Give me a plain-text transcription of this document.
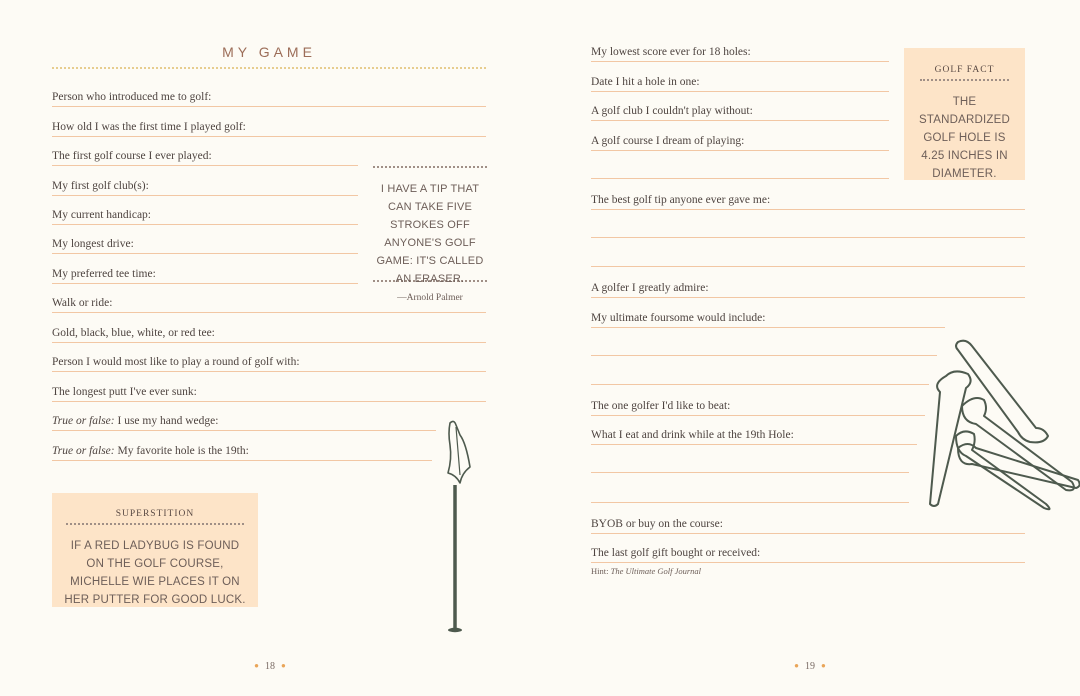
MY GAME
Person who introduced me to golf:
How old I was the first time I played golf:
The first golf course I ever played:
My first golf club(s):
My current handicap:
My longest drive:
My preferred tee time:
Walk or ride:
Gold, black, blue, white, or red tee:
Person I would most like to play a round of golf with:
The longest putt I've ever sunk:
True or false: I use my hand wedge:
True or false: My favorite hole is the 19th:
I HAVE A TIP THAT CAN TAKE FIVE STROKES OFF ANYONE'S GOLF GAME: IT'S CALLED AN ERASER.
—Arnold Palmer
SUPERSTITION
IF A RED LADYBUG IS FOUND ON THE GOLF COURSE, MICHELLE WIE PLACES IT ON HER PUTTER FOR GOOD LUCK.
● 18 ●
My lowest score ever for 18 holes:
Date I hit a hole in one:
A golf club I couldn't play without:
A golf course I dream of playing:
The best golf tip anyone ever gave me:
A golfer I greatly admire:
My ultimate foursome would include:
The one golfer I'd like to beat:
What I eat and drink while at the 19th Hole:
BYOB or buy on the course:
The last golf gift bought or received:
Hint: The Ultimate Golf Journal
GOLF FACT
THE STANDARDIZED GOLF HOLE IS 4.25 INCHES IN DIAMETER.
● 19 ●
